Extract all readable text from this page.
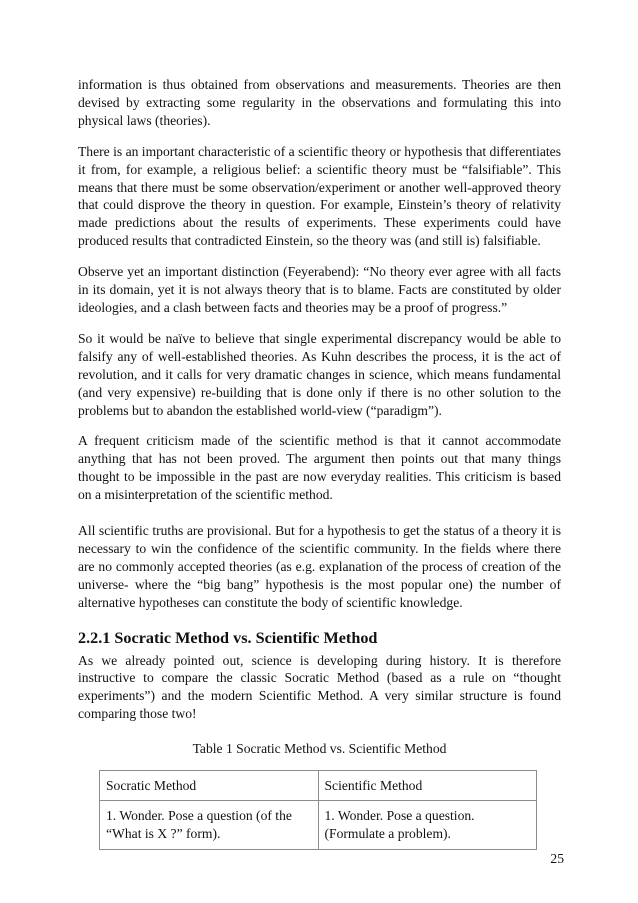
information is thus obtained from observations and measurements. Theories are then devised by extracting some regularity in the observations and formulating this into physical laws (theories).

There is an important characteristic of a scientific theory or hypothesis that differentiates it from, for example, a religious belief: a scientific theory must be “falsifiable”. This means that there must be some observation/experiment or another well-approved theory that could disprove the theory in question. For example, Einstein’s theory of relativity made predictions about the results of experiments. These experiments could have produced results that contradicted Einstein, so the theory was (and still is) falsifiable.

Observe yet an important distinction (Feyerabend): “No theory ever agree with all facts in its domain, yet it is not always theory that is to blame. Facts are constituted by older ideologies, and a clash between facts and theories may be a proof of progress.”

So it would be naïve to believe that single experimental discrepancy would be able to falsify any of well-established theories. As Kuhn describes the process, it is the act of revolution, and it calls for very dramatic changes in science, which means fundamental (and very expensive) re-building that is done only if there is no other solution to the problems but to abandon the established world-view (“paradigm”).

A frequent criticism made of the scientific method is that it cannot accommodate anything that has not been proved. The argument then points out that many things thought to be impossible in the past are now everyday realities. This criticism is based on a misinterpretation of the scientific method.

All scientific truths are provisional. But for a hypothesis to get the status of a theory it is necessary to win the confidence of the scientific community. In the fields where there are no commonly accepted theories (as e.g. explanation of the process of creation of the universe- where the “big bang” hypothesis is the most popular one) the number of alternative hypotheses can constitute the body of scientific knowledge.

2.2.1 Socratic Method vs. Scientific Method

As we already pointed out, science is developing during history. It is therefore instructive to compare the classic Socratic Method (based as a rule on “thought experiments”) and the modern Scientific Method. A very similar structure is found comparing those two!

Table 1 Socratic Method vs. Scientific Method
Socratic Method	Scientific Method
1. Wonder. Pose a question (of the “What is X ?” form).	1. Wonder. Pose a question. (Formulate a problem).
25
